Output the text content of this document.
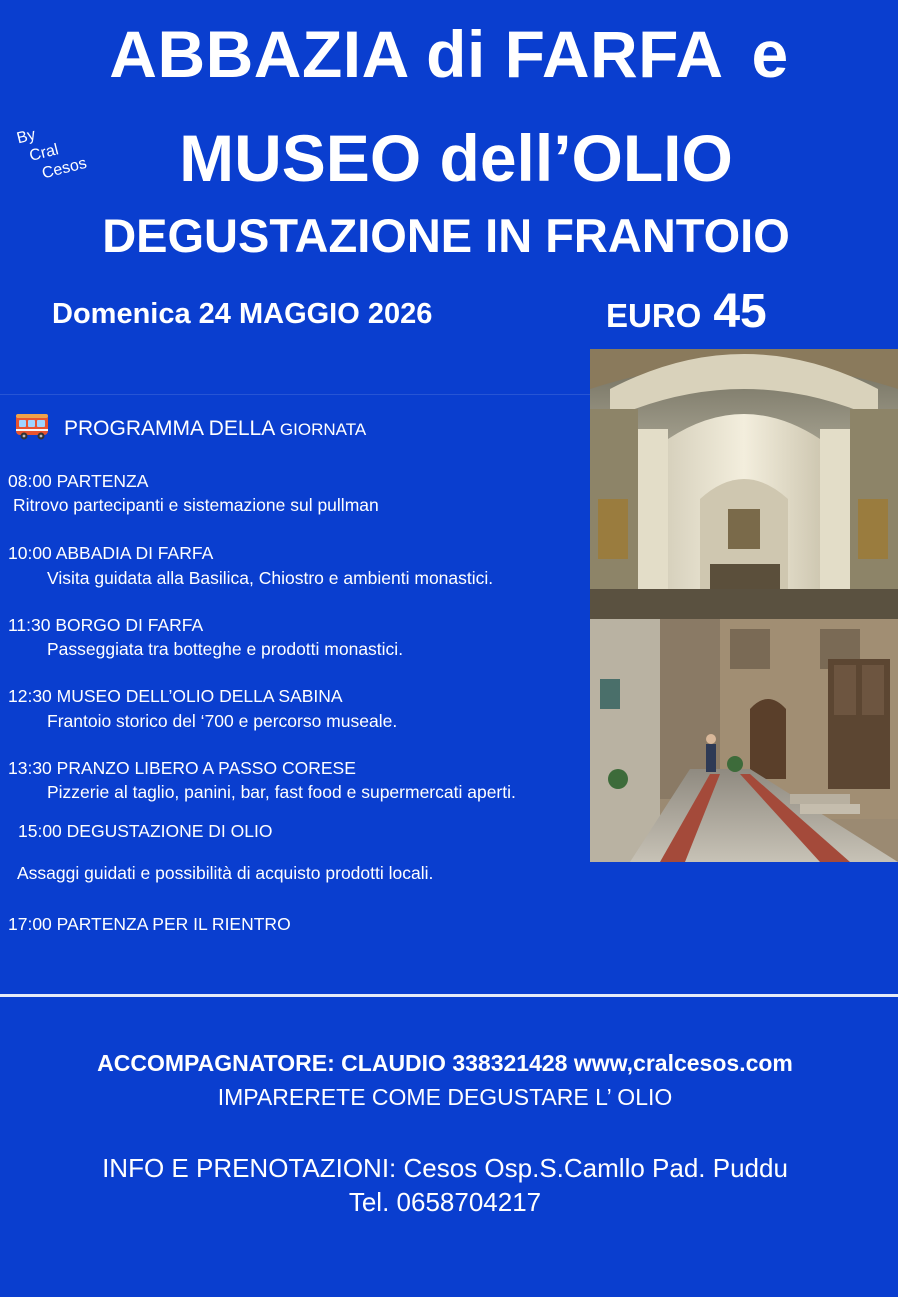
ABBAZIA di FARFA e
By
Cral
Cesos	MUSEO dell’OLIO
DEGUSTAZIONE IN FRANTOIO
Domenica 24 MAGGIO 2026	EURO 45
PROGRAMMA DELLA GIORNATA
08:00 PARTENZA
Ritrovo partecipanti e sistemazione sul pullman
10:00 ABBADIA DI FARFA
Visita guidata alla Basilica, Chiostro e ambienti monastici.
11:30 BORGO DI FARFA
Passeggiata tra botteghe e prodotti monastici.
12:30 MUSEO DELL’OLIO DELLA SABINA
Frantoio storico del ‘700 e percorso museale.
13:30 PRANZO LIBERO A PASSO CORESE
Pizzerie al taglio, panini, bar, fast food e supermercati aperti.
15:00 DEGUSTAZIONE DI OLIO
Assaggi guidati e possibilità di acquisto prodotti locali.
17:00 PARTENZA PER IL RIENTRO
ACCOMPAGNATORE: CLAUDIO 338321428 www,cralcesos.com
IMPARERETE COME DEGUSTARE L’ OLIO
INFO E PRENOTAZIONI: Cesos Osp.S.Camllo Pad. Puddu
Tel. 0658704217
